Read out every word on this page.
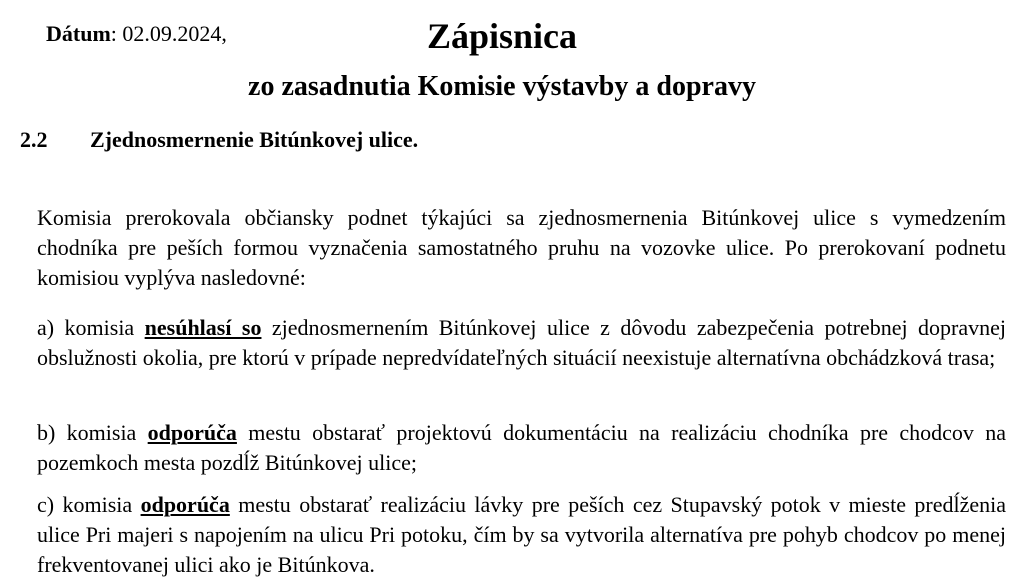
Dátum: 02.09.2024,	Zápisnica
zo zasadnutia Komisie výstavby a dopravy
2.2 Zjednosmernenie Bitúnkovej ulice.

Komisia prerokovala občiansky podnet týkajúci sa zjednosmernenia Bitúnkovej ulice s vymedzením chodníka pre peších formou vyznačenia samostatného pruhu na vozovke ulice. Po prerokovaní podnetu komisiou vyplýva nasledovné:

a) komisia nesúhlasí so zjednosmernením Bitúnkovej ulice z dôvodu zabezpečenia potrebnej dopravnej obslužnosti okolia, pre ktorú v prípade nepredvídateľných situácií neexistuje alternatívna obchádzková trasa;

b) komisia odporúča mestu obstarať projektovú dokumentáciu na realizáciu chodníka pre chodcov na pozemkoch mesta pozdĺž Bitúnkovej ulice;

c) komisia odporúča mestu obstarať realizáciu lávky pre peších cez Stupavský potok v mieste predĺženia ulice Pri majeri s napojením na ulicu Pri potoku, čím by sa vytvorila alternatíva pre pohyb chodcov po menej frekventovanej ulici ako je Bitúnkova.
